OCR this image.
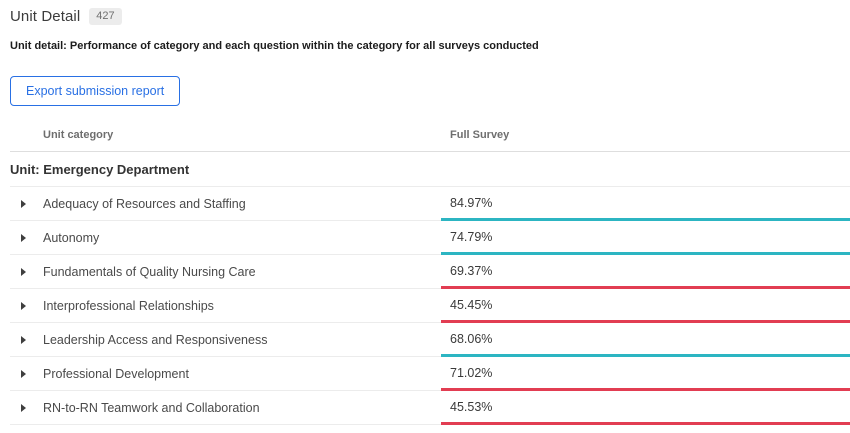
Unit Detail	427
Unit detail: Performance of category and each question within the category for all surveys conducted
Export submission report
Unit category	Full Survey
Unit: Emergency Department
Adequacy of Resources and Staffing	84.97%
Autonomy	74.79%
Fundamentals of Quality Nursing Care	69.37%
Interprofessional Relationships	45.45%
Leadership Access and Responsiveness	68.06%
Professional Development	71.02%
RN-to-RN Teamwork and Collaboration	45.53%
